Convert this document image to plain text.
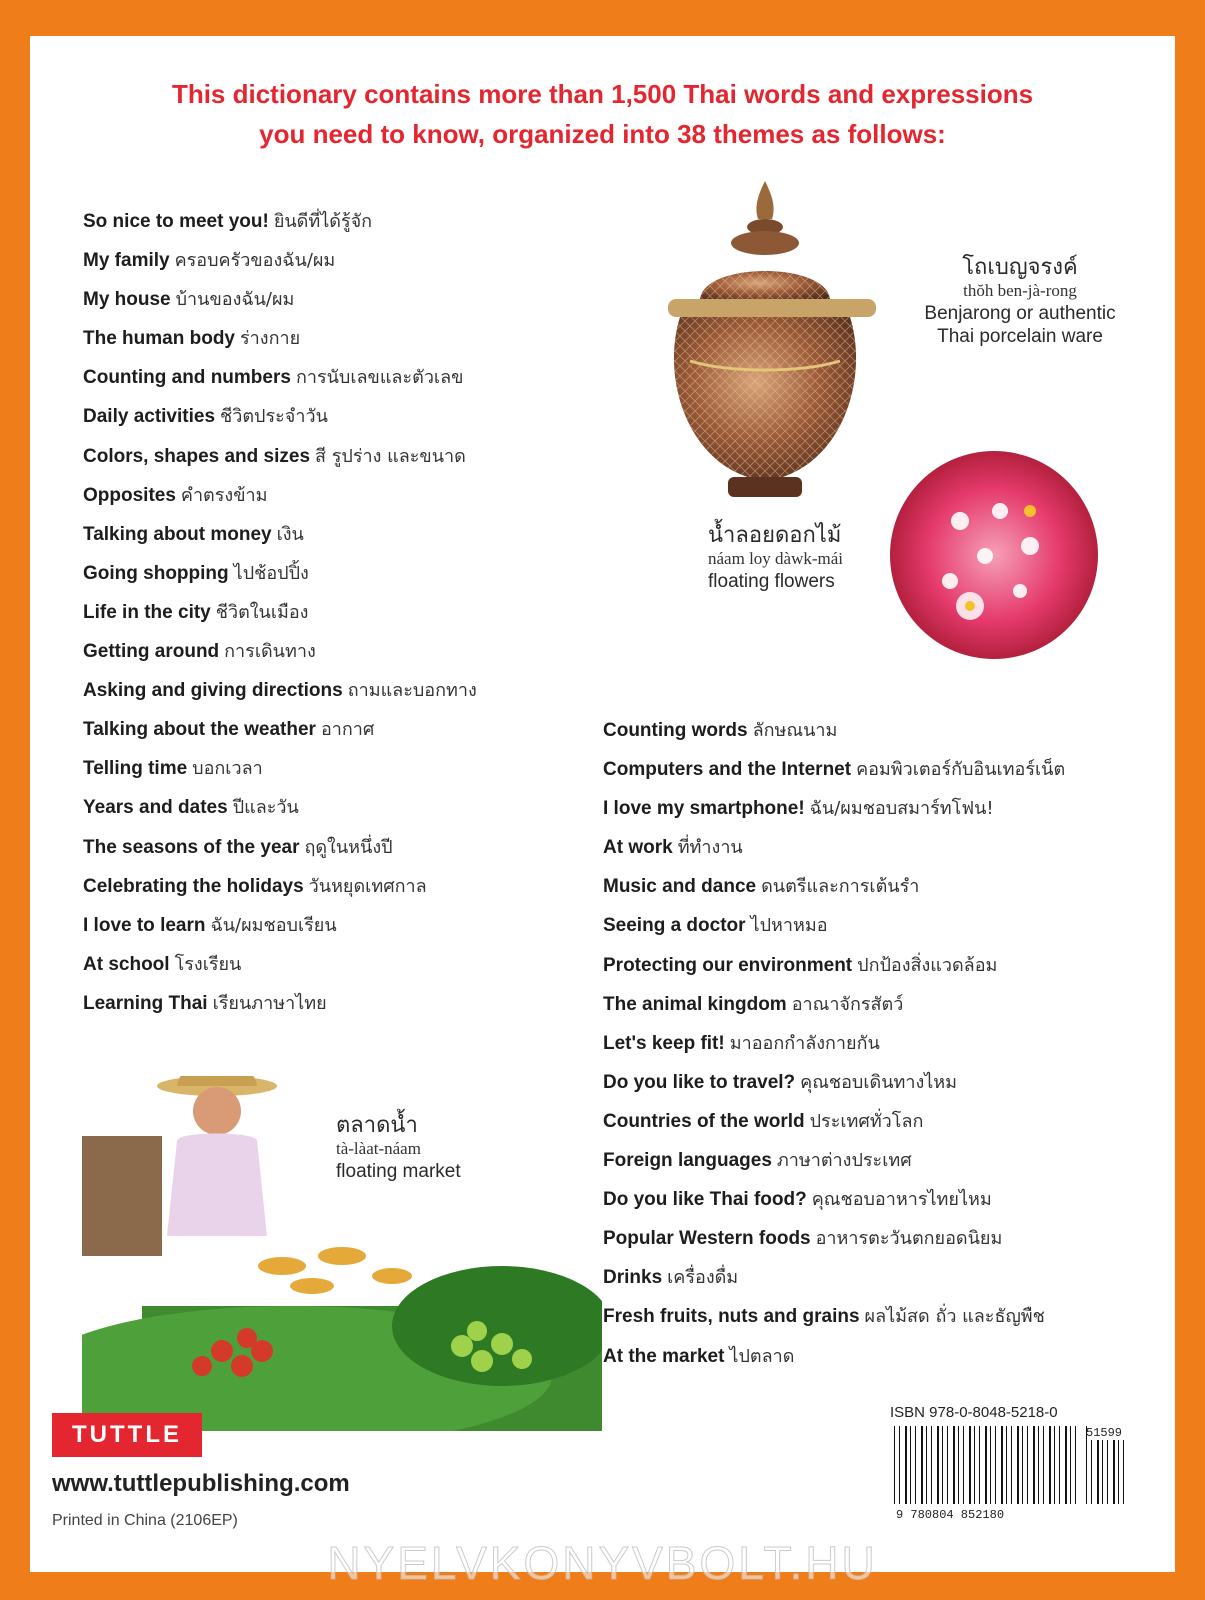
This dictionary contains more than 1,500 Thai words and expressions
you need to know, organized into 38 themes as follows:
So nice to meet you! ยินดีที่ได้รู้จัก
My family ครอบครัวของฉัน/ผม
My house บ้านของฉัน/ผม
The human body ร่างกาย
Counting and numbers การนับเลขและตัวเลข
Daily activities ชีวิตประจำวัน
Colors, shapes and sizes สี รูปร่าง และขนาด
Opposites คำตรงข้าม
Talking about money เงิน
Going shopping ไปช้อปปิ้ง
Life in the city ชีวิตในเมือง
Getting around การเดินทาง
Asking and giving directions ถามและบอกทาง
Talking about the weather อากาศ
Telling time บอกเวลา
Years and dates ปีและวัน
The seasons of the year ฤดูในหนึ่งปี
Celebrating the holidays วันหยุดเทศกาล
I love to learn ฉัน/ผมชอบเรียน
At school โรงเรียน
Learning Thai เรียนภาษาไทย
Counting words ลักษณนาม
Computers and the Internet คอมพิวเตอร์กับอินเทอร์เน็ต
I love my smartphone! ฉัน/ผมชอบสมาร์ทโฟน!
At work ที่ทำงาน
Music and dance ดนตรีและการเต้นรำ
Seeing a doctor ไปหาหมอ
Protecting our environment ปกป้องสิ่งแวดล้อม
The animal kingdom อาณาจักรสัตว์
Let's keep fit! มาออกกำลังกายกัน
Do you like to travel? คุณชอบเดินทางไหม
Countries of the world ประเทศทั่วโลก
Foreign languages ภาษาต่างประเทศ
Do you like Thai food? คุณชอบอาหารไทยไหม
Popular Western foods อาหารตะวันตกยอดนิยม
Drinks เครื่องดื่ม
Fresh fruits, nuts and grains ผลไม้สด ถั่ว และธัญพืช
At the market ไปตลาด
โถเบญจรงค์
thŏh ben-jà-rong
Benjarong or authentic
Thai porcelain ware
น้ำลอยดอกไม้
náam loy dàwk-mái
floating flowers
ตลาดน้ำ
tà-làat-náam
floating market
TUTTLE
www.tuttlepublishing.com
Printed in China (2106EP)
ISBN 978-0-8048-5218-0
51599
9 780804 852180
NYELVKONYVBOLT.HU
